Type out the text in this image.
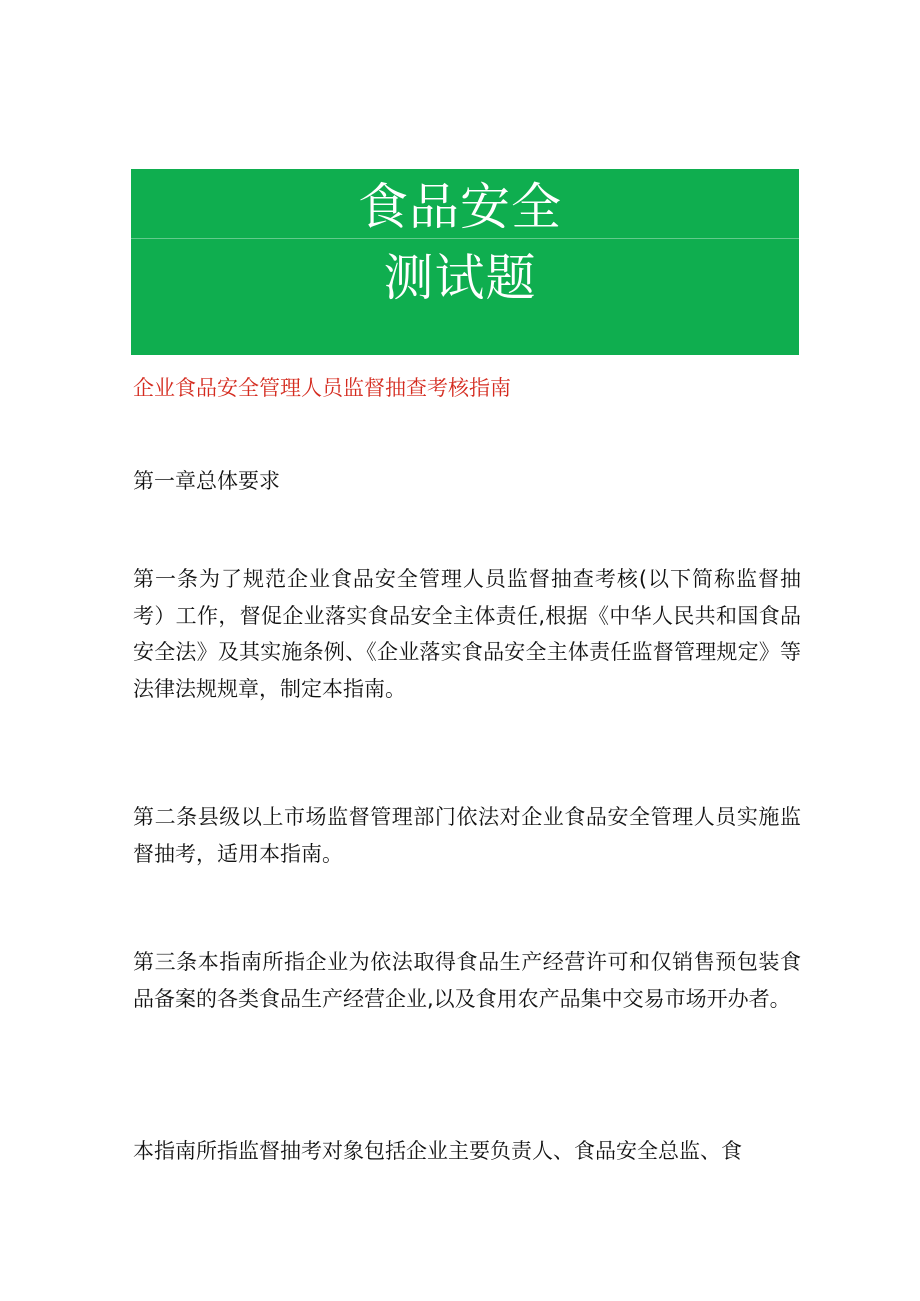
食品安全
测试题
企业食品安全管理人员监督抽查考核指南
第一章总体要求
第一条为了规范企业食品安全管理人员监督抽查考核(以下简称监督抽考）工作，督促企业落实食品安全主体责任,根据《中华人民共和国食品安全法》及其实施条例、《企业落实食品安全主体责任监督管理规定》等法律法规规章，制定本指南。
第二条县级以上市场监督管理部门依法对企业食品安全管理人员实施监督抽考，适用本指南。
第三条本指南所指企业为依法取得食品生产经营许可和仅销售预包装食品备案的各类食品生产经营企业,以及食用农产品集中交易市场开办者。
本指南所指监督抽考对象包括企业主要负责人、食品安全总监、食
